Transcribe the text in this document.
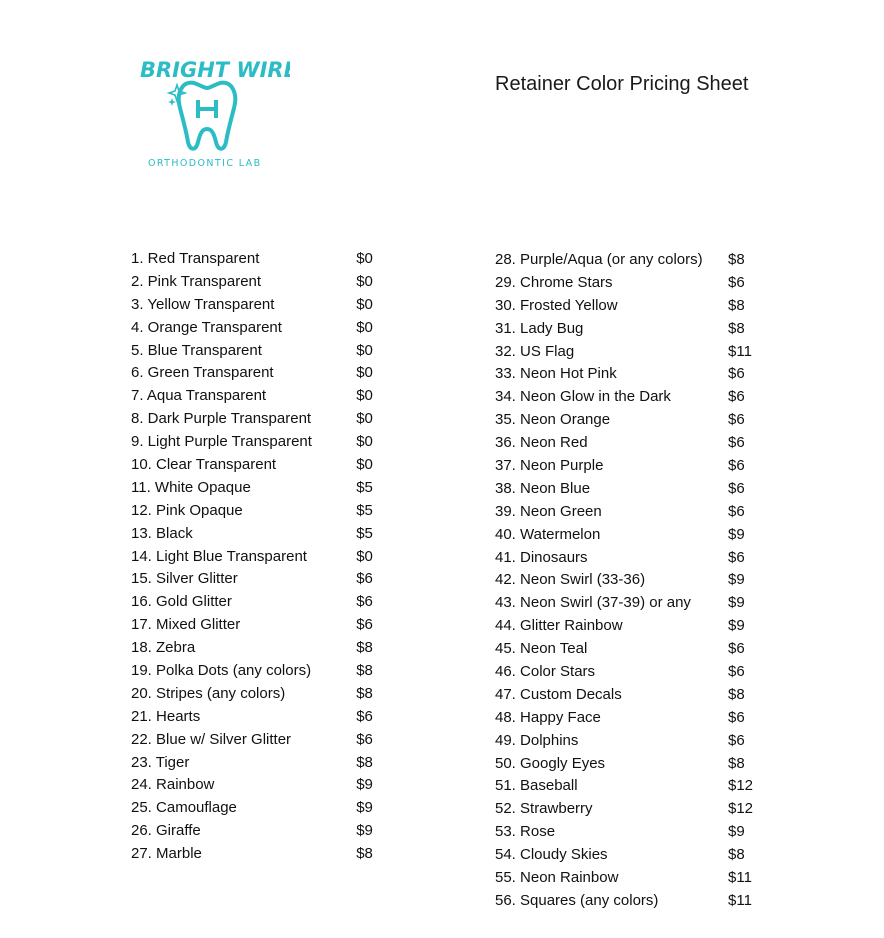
BRIGHT WIRE
ORTHODONTIC LAB
Retainer Color Pricing Sheet
1. Red Transparent	$0
2. Pink Transparent	$0
3. Yellow Transparent	$0
4. Orange Transparent	$0
5. Blue Transparent	$0
6. Green Transparent	$0
7. Aqua Transparent	$0
8. Dark Purple Transparent	$0
9. Light Purple Transparent	$0
10. Clear Transparent	$0
11. White Opaque	$5
12. Pink Opaque	$5
13. Black	$5
14. Light Blue Transparent	$0
15. Silver Glitter	$6
16. Gold Glitter	$6
17. Mixed Glitter	$6
18. Zebra	$8
19. Polka Dots (any colors)	$8
20. Stripes (any colors)	$8
21. Hearts	$6
22. Blue w/ Silver Glitter	$6
23. Tiger	$8
24. Rainbow	$9
25. Camouflage	$9
26. Giraffe	$9
27. Marble	$8
28. Purple/Aqua (or any colors)	$8
29. Chrome Stars	$6
30. Frosted Yellow	$8
31. Lady Bug	$8
32. US Flag	$11
33. Neon Hot Pink	$6
34. Neon Glow in the Dark	$6
35. Neon Orange	$6
36. Neon Red	$6
37. Neon Purple	$6
38. Neon Blue	$6
39. Neon Green	$6
40. Watermelon	$9
41. Dinosaurs	$6
42. Neon Swirl (33-36)	$9
43. Neon Swirl (37-39) or any	$9
44. Glitter Rainbow	$9
45. Neon Teal	$6
46. Color Stars	$6
47. Custom Decals	$8
48. Happy Face	$6
49. Dolphins	$6
50. Googly Eyes	$8
51. Baseball	$12
52. Strawberry	$12
53. Rose	$9
54. Cloudy Skies	$8
55. Neon Rainbow	$11
56. Squares (any colors)	$11
